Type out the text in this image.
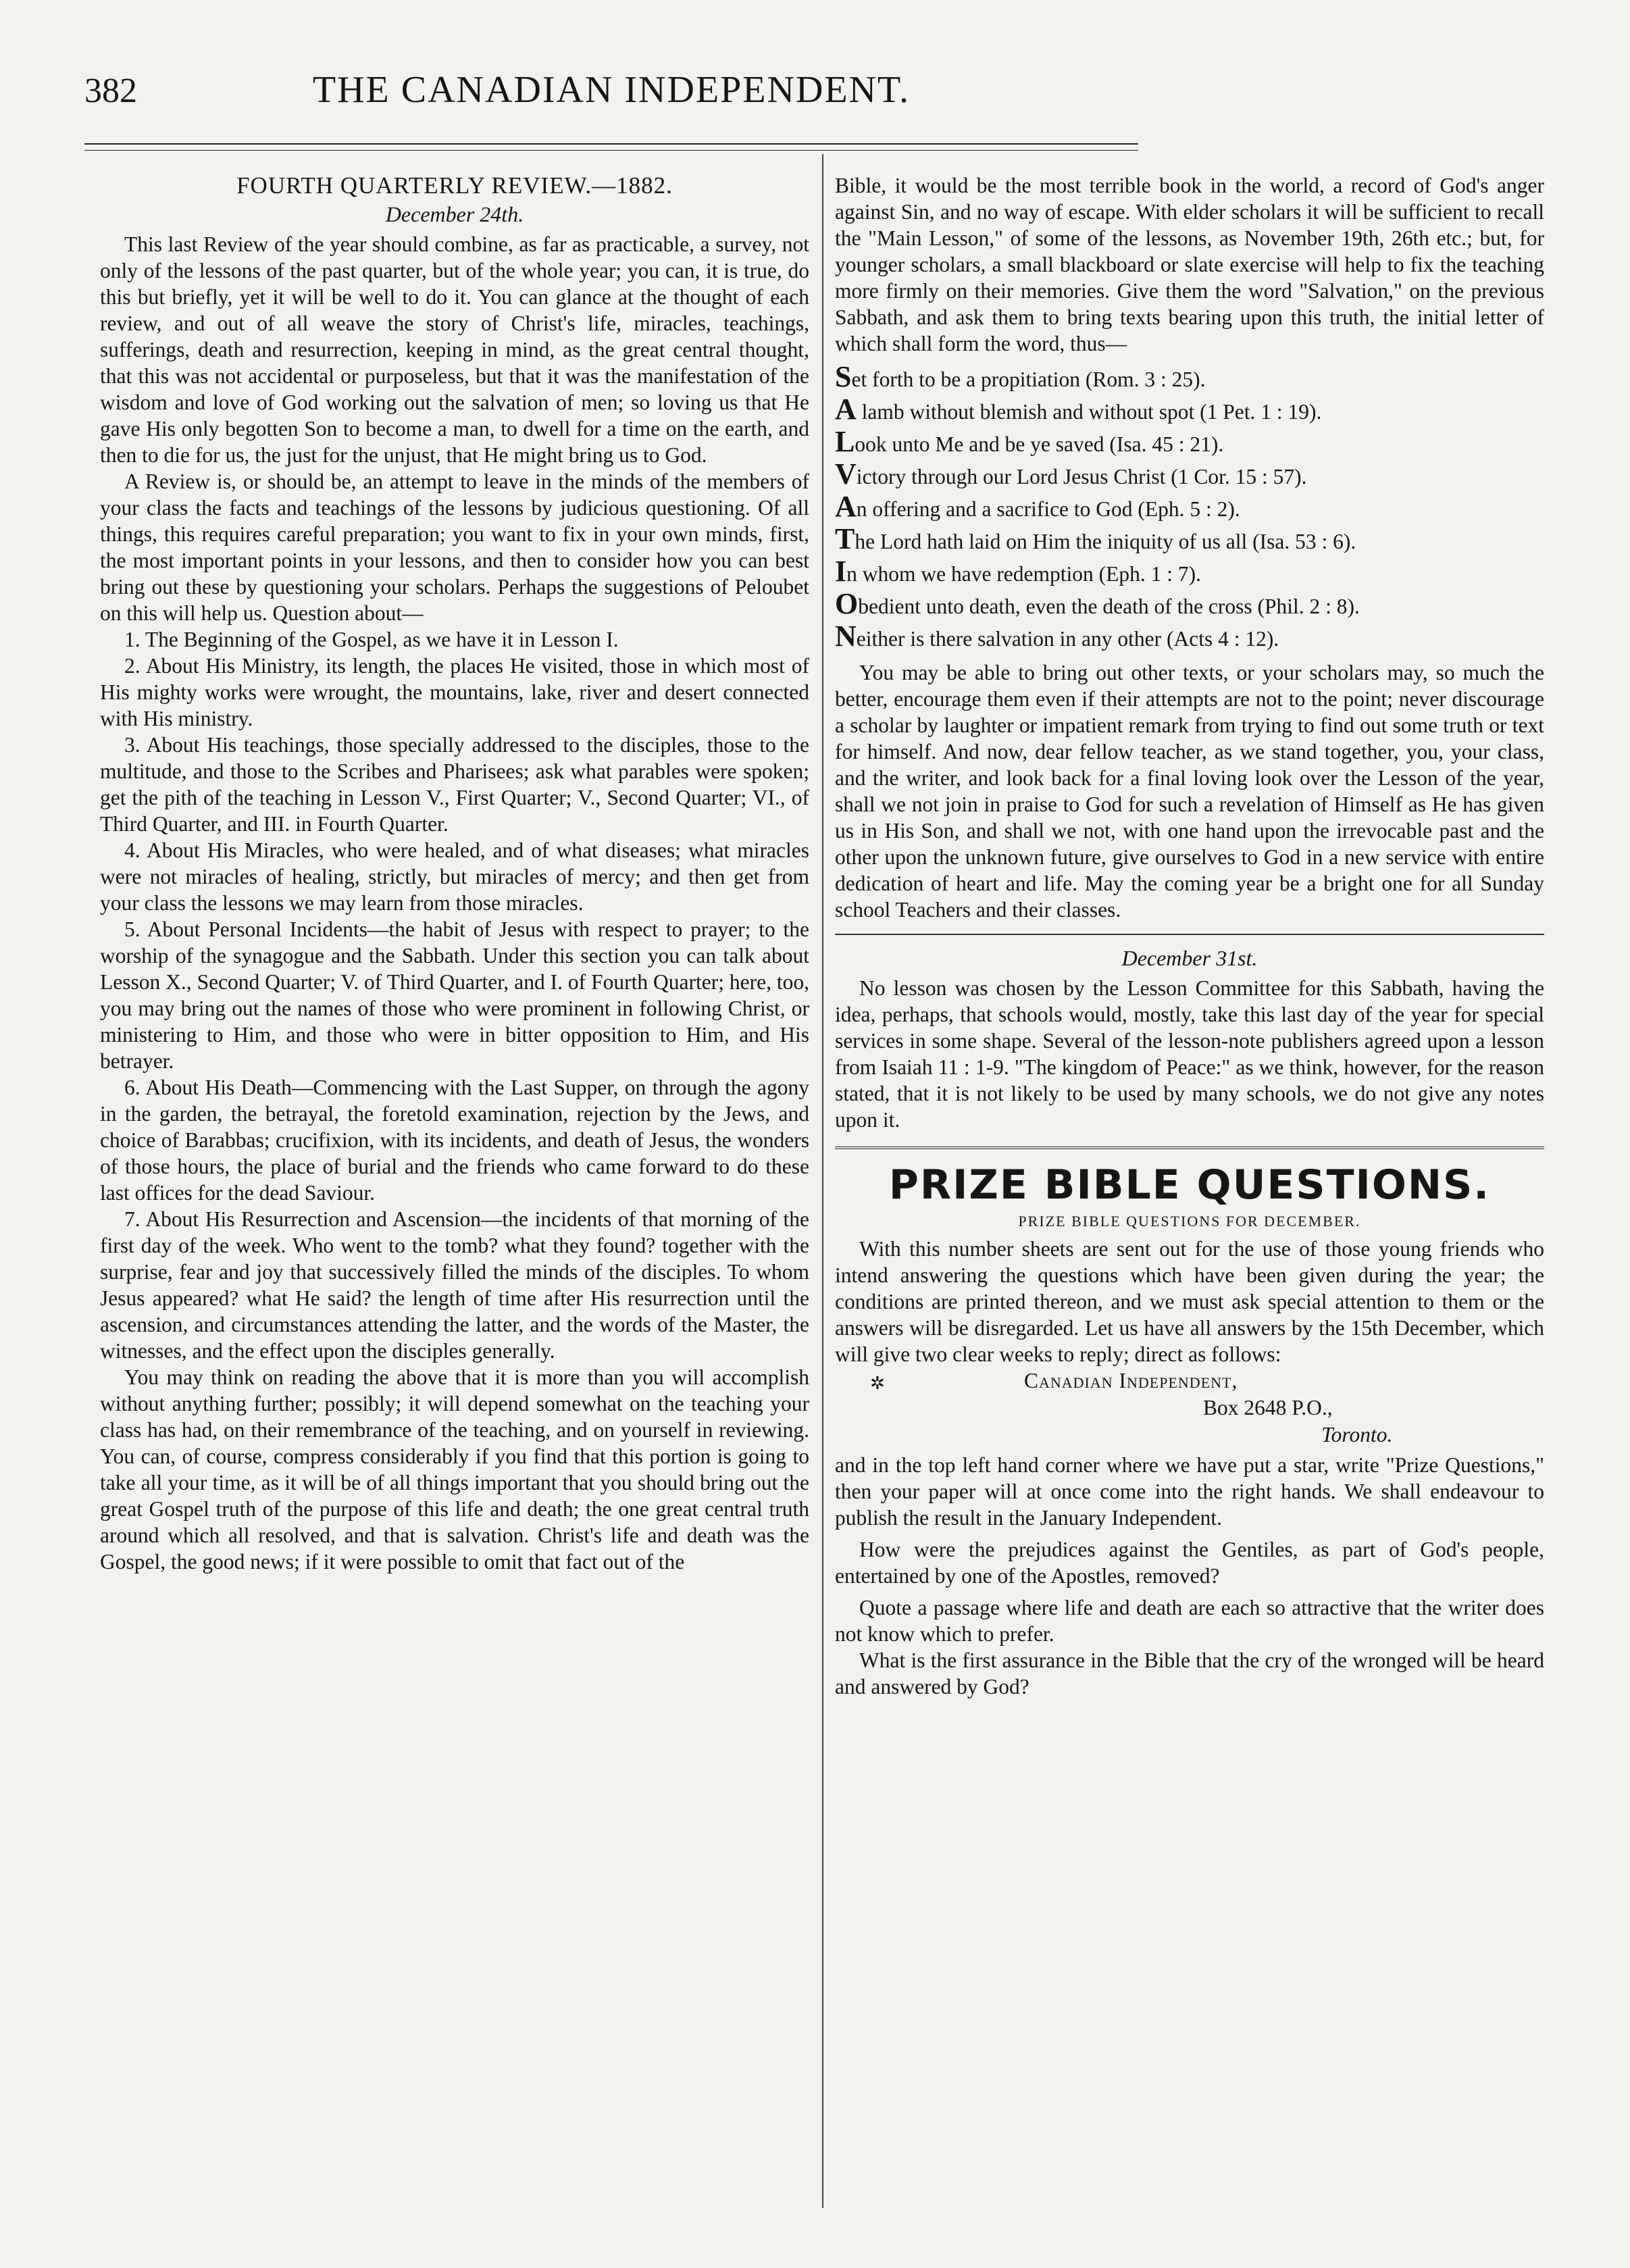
382	THE CANADIAN INDEPENDENT.
FOURTH QUARTERLY REVIEW.—1882.
December 24th.

This last Review of the year should combine, as far as practicable, a survey, not only of the lessons of the past quarter, but of the whole year; you can, it is true, do this but briefly, yet it will be well to do it. You can glance at the thought of each review, and out of all weave the story of Christ's life, miracles, teachings, sufferings, death and resurrection, keeping in mind, as the great central thought, that this was not accidental or purposeless, but that it was the manifestation of the wisdom and love of God working out the salvation of men; so loving us that He gave His only begotten Son to become a man, to dwell for a time on the earth, and then to die for us, the just for the unjust, that He might bring us to God.

A Review is, or should be, an attempt to leave in the minds of the members of your class the facts and teachings of the lessons by judicious questioning. Of all things, this requires careful preparation; you want to fix in your own minds, first, the most important points in your lessons, and then to consider how you can best bring out these by questioning your scholars. Perhaps the suggestions of Peloubet on this will help us. Question about—

1. The Beginning of the Gospel, as we have it in Lesson I.

2. About His Ministry, its length, the places He visited, those in which most of His mighty works were wrought, the mountains, lake, river and desert connected with His ministry.

3. About His teachings, those specially addressed to the disciples, those to the multitude, and those to the Scribes and Pharisees; ask what parables were spoken; get the pith of the teaching in Lesson V., First Quarter; V., Second Quarter; VI., of Third Quarter, and III. in Fourth Quarter.

4. About His Miracles, who were healed, and of what diseases; what miracles were not miracles of healing, strictly, but miracles of mercy; and then get from your class the lessons we may learn from those miracles.

5. About Personal Incidents—the habit of Jesus with respect to prayer; to the worship of the synagogue and the Sabbath. Under this section you can talk about Lesson X., Second Quarter; V. of Third Quarter, and I. of Fourth Quarter; here, too, you may bring out the names of those who were prominent in following Christ, or ministering to Him, and those who were in bitter opposition to Him, and His betrayer.

6. About His Death—Commencing with the Last Supper, on through the agony in the garden, the betrayal, the foretold examination, rejection by the Jews, and choice of Barabbas; crucifixion, with its incidents, and death of Jesus, the wonders of those hours, the place of burial and the friends who came forward to do these last offices for the dead Saviour.

7. About His Resurrection and Ascension—the incidents of that morning of the first day of the week. Who went to the tomb? what they found? together with the surprise, fear and joy that successively filled the minds of the disciples. To whom Jesus appeared? what He said? the length of time after His resurrection until the ascension, and circumstances attending the latter, and the words of the Master, the witnesses, and the effect upon the disciples generally.

You may think on reading the above that it is more than you will accomplish without anything further; possibly; it will depend somewhat on the teaching your class has had, on their remembrance of the teaching, and on yourself in reviewing. You can, of course, compress considerably if you find that this portion is going to take all your time, as it will be of all things important that you should bring out the great Gospel truth of the purpose of this life and death; the one great central truth around which all resolved, and that is salvation. Christ's life and death was the Gospel, the good news; if it were possible to omit that fact out of the

Bible, it would be the most terrible book in the world, a record of God's anger against Sin, and no way of escape. With elder scholars it will be sufficient to recall the "Main Lesson," of some of the lessons, as November 19th, 26th etc.; but, for younger scholars, a small blackboard or slate exercise will help to fix the teaching more firmly on their memories. Give them the word "Salvation," on the previous Sabbath, and ask them to bring texts bearing upon this truth, the initial letter of which shall form the word, thus—

Set forth to be a propitiation (Rom. 3 : 25).

A lamb without blemish and without spot (1 Pet. 1 : 19).

Look unto Me and be ye saved (Isa. 45 : 21).

Victory through our Lord Jesus Christ (1 Cor. 15 : 57).

An offering and a sacrifice to God (Eph. 5 : 2).

The Lord hath laid on Him the iniquity of us all (Isa. 53 : 6).

In whom we have redemption (Eph. 1 : 7).

Obedient unto death, even the death of the cross (Phil. 2 : 8).

Neither is there salvation in any other (Acts 4 : 12).

You may be able to bring out other texts, or your scholars may, so much the better, encourage them even if their attempts are not to the point; never discourage a scholar by laughter or impatient remark from trying to find out some truth or text for himself. And now, dear fellow teacher, as we stand together, you, your class, and the writer, and look back for a final loving look over the Lesson of the year, shall we not join in praise to God for such a revelation of Himself as He has given us in His Son, and shall we not, with one hand upon the irrevocable past and the other upon the unknown future, give ourselves to God in a new service with entire dedication of heart and life. May the coming year be a bright one for all Sunday school Teachers and their classes.

December 31st.

No lesson was chosen by the Lesson Committee for this Sabbath, having the idea, perhaps, that schools would, mostly, take this last day of the year for special services in some shape. Several of the lesson-note publishers agreed upon a lesson from Isaiah 11 : 1-9. "The kingdom of Peace:" as we think, however, for the reason stated, that it is not likely to be used by many schools, we do not give any notes upon it.

PRIZE BIBLE QUESTIONS.
PRIZE BIBLE QUESTIONS FOR DECEMBER.

With this number sheets are sent out for the use of those young friends who intend answering the questions which have been given during the year; the conditions are printed thereon, and we must ask special attention to them or the answers will be disregarded. Let us have all answers by the 15th December, which will give two clear weeks to reply; direct as follows:

✲	Canadian Independent,
Box 2648 P.O.,
Toronto.

and in the top left hand corner where we have put a star, write "Prize Questions," then your paper will at once come into the right hands. We shall endeavour to publish the result in the January Independent.

How were the prejudices against the Gentiles, as part of God's people, entertained by one of the Apostles, removed?

Quote a passage where life and death are each so attractive that the writer does not know which to prefer.

What is the first assurance in the Bible that the cry of the wronged will be heard and answered by God?
